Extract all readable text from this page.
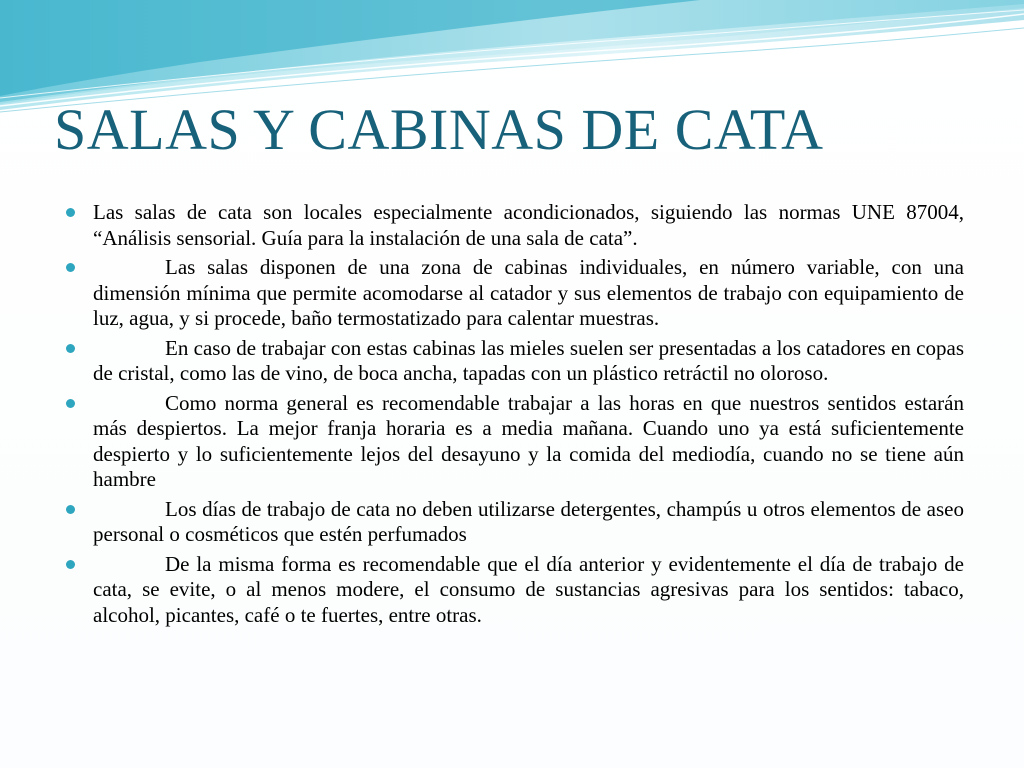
SALAS Y CABINAS DE CATA
Las salas de cata son locales especialmente acondicionados, siguiendo las normas UNE 87004, “Análisis sensorial. Guía para la instalación de una sala de cata”.
Las salas disponen de una zona de cabinas individuales, en número variable, con una dimensión mínima que permite acomodarse al catador y sus elementos de trabajo con equipamiento de luz, agua, y si procede, baño termostatizado para calentar muestras.
En caso de trabajar con estas cabinas las mieles suelen ser presentadas a los catadores en copas de cristal, como las de vino, de boca ancha, tapadas con un plástico retráctil no oloroso.
Como norma general es recomendable trabajar a las horas en que nuestros sentidos estarán más despiertos. La mejor franja horaria es a media mañana. Cuando uno ya está suficientemente despierto y lo suficientemente lejos del desayuno y la comida del mediodía, cuando no se tiene aún hambre
Los días de trabajo de cata no deben utilizarse detergentes, champús u otros elementos de aseo personal o cosméticos que estén perfumados
De la misma forma es recomendable que el día anterior y evidentemente el día de trabajo de cata, se evite, o al menos modere, el consumo de sustancias agresivas para los sentidos: tabaco, alcohol, picantes, café o te fuertes, entre otras.
